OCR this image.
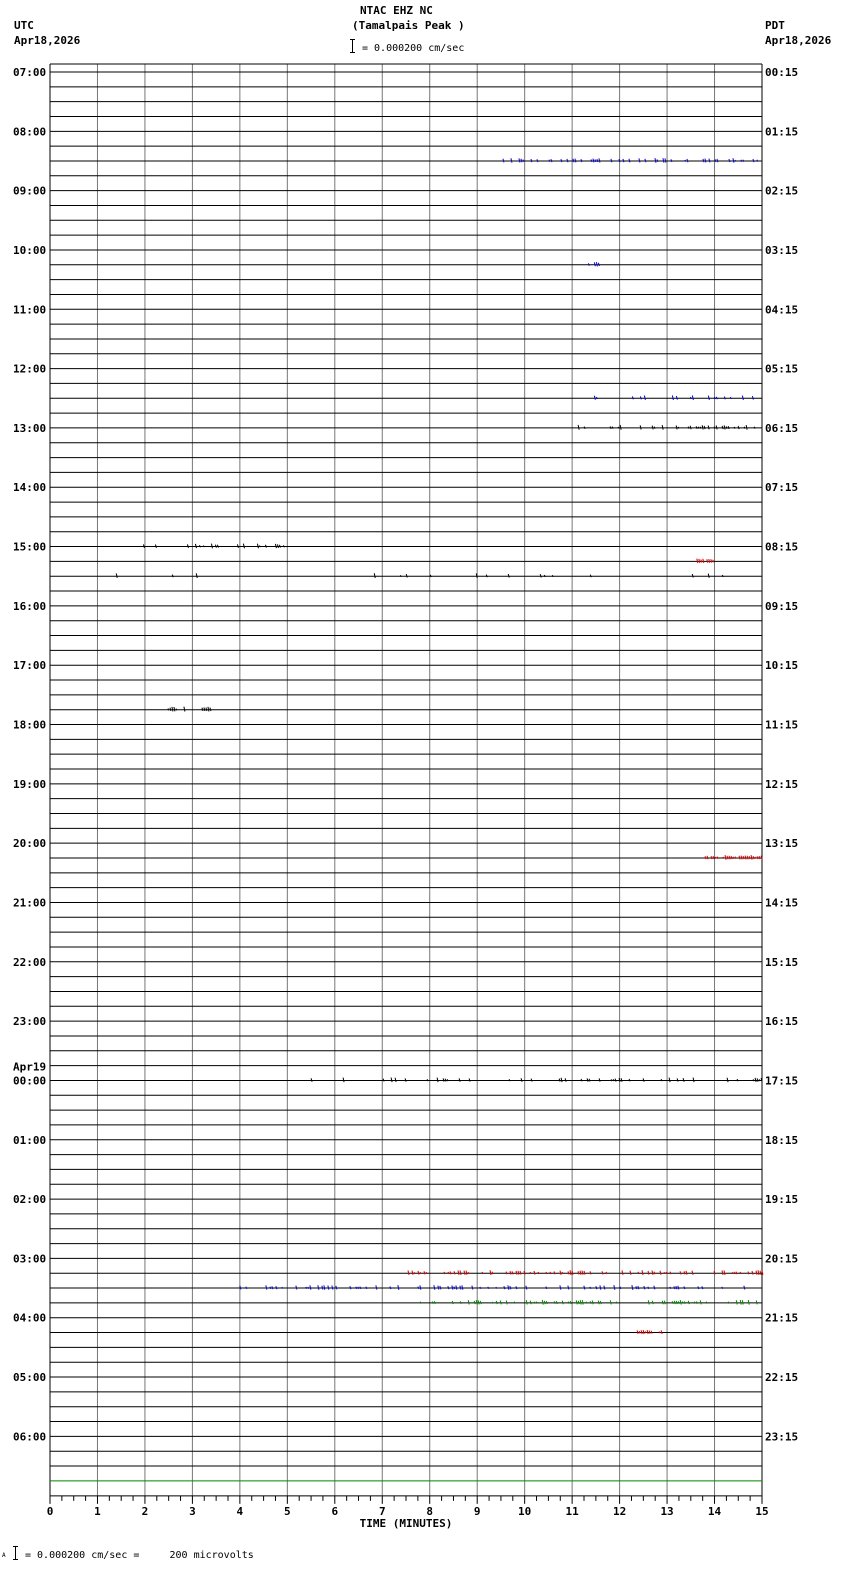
UTC
Apr18,2026
PDT
Apr18,2026
NTAC EHZ NC
(Tamalpais Peak )
= 0.000200 cm/sec
07:00
08:00
09:00
10:00
11:00
12:00
13:00
14:00
15:00
16:00
17:00
18:00
19:00
20:00
21:00
22:00
23:00
00:00
01:00
02:00
03:00
04:00
05:00
06:00
Apr19
00:15
01:15
02:15
03:15
04:15
05:15
06:15
07:15
08:15
09:15
10:15
11:15
12:15
13:15
14:15
15:15
16:15
17:15
18:15
19:15
20:15
21:15
22:15
23:15
0	1	2	3	4	5	6	7	8	9	10	11	12	13	14	15
TIME (MINUTES)
A = 0.000200 cm/sec =     200 microvolts
